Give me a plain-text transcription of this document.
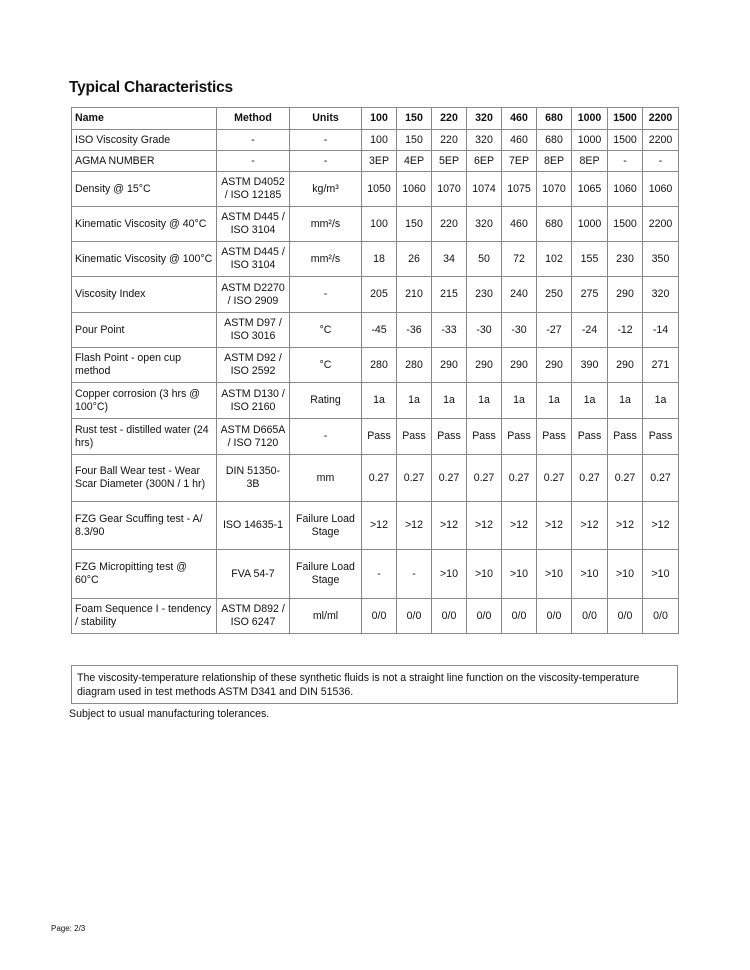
Typical Characteristics
Name	Method	Units	100	150	220	320	460	680	1000	1500	2200
ISO Viscosity Grade	-	-	100	150	220	320	460	680	1000	1500	2200
AGMA NUMBER	-	-	3EP	4EP	5EP	6EP	7EP	8EP	8EP	-	-
Density @ 15°C	ASTM D4052 / ISO 12185	kg/m³	1050	1060	1070	1074	1075	1070	1065	1060	1060
Kinematic Viscosity @ 40°C	ASTM D445 / ISO 3104	mm²/s	100	150	220	320	460	680	1000	1500	2200
Kinematic Viscosity @ 100°C	ASTM D445 / ISO 3104	mm²/s	18	26	34	50	72	102	155	230	350
Viscosity Index	ASTM D2270 / ISO 2909	-	205	210	215	230	240	250	275	290	320
Pour Point	ASTM D97 / ISO 3016	°C	-45	-36	-33	-30	-30	-27	-24	-12	-14
Flash Point - open cup method	ASTM D92 / ISO 2592	°C	280	280	290	290	290	290	390	290	271
Copper corrosion (3 hrs @ 100°C)	ASTM D130 / ISO 2160	Rating	1a	1a	1a	1a	1a	1a	1a	1a	1a
Rust test - distilled water (24 hrs)	ASTM D665A / ISO 7120	-	Pass	Pass	Pass	Pass	Pass	Pass	Pass	Pass	Pass
Four Ball Wear test - Wear Scar Diameter (300N / 1 hr)	DIN 51350-3B	mm	0.27	0.27	0.27	0.27	0.27	0.27	0.27	0.27	0.27
FZG Gear Scuffing test - A/ 8.3/90	ISO 14635-1	Failure Load Stage	>12	>12	>12	>12	>12	>12	>12	>12	>12
FZG Micropitting test @ 60°C	FVA 54-7	Failure Load Stage	-	-	>10	>10	>10	>10	>10	>10	>10
Foam Sequence I - tendency / stability	ASTM D892 / ISO 6247	ml/ml	0/0	0/0	0/0	0/0	0/0	0/0	0/0	0/0	0/0
The viscosity-temperature relationship of these synthetic fluids is not a straight line function on the viscosity-temperature diagram used in test methods ASTM D341 and DIN 51536.
Subject to usual manufacturing tolerances.
Page: 2/3
